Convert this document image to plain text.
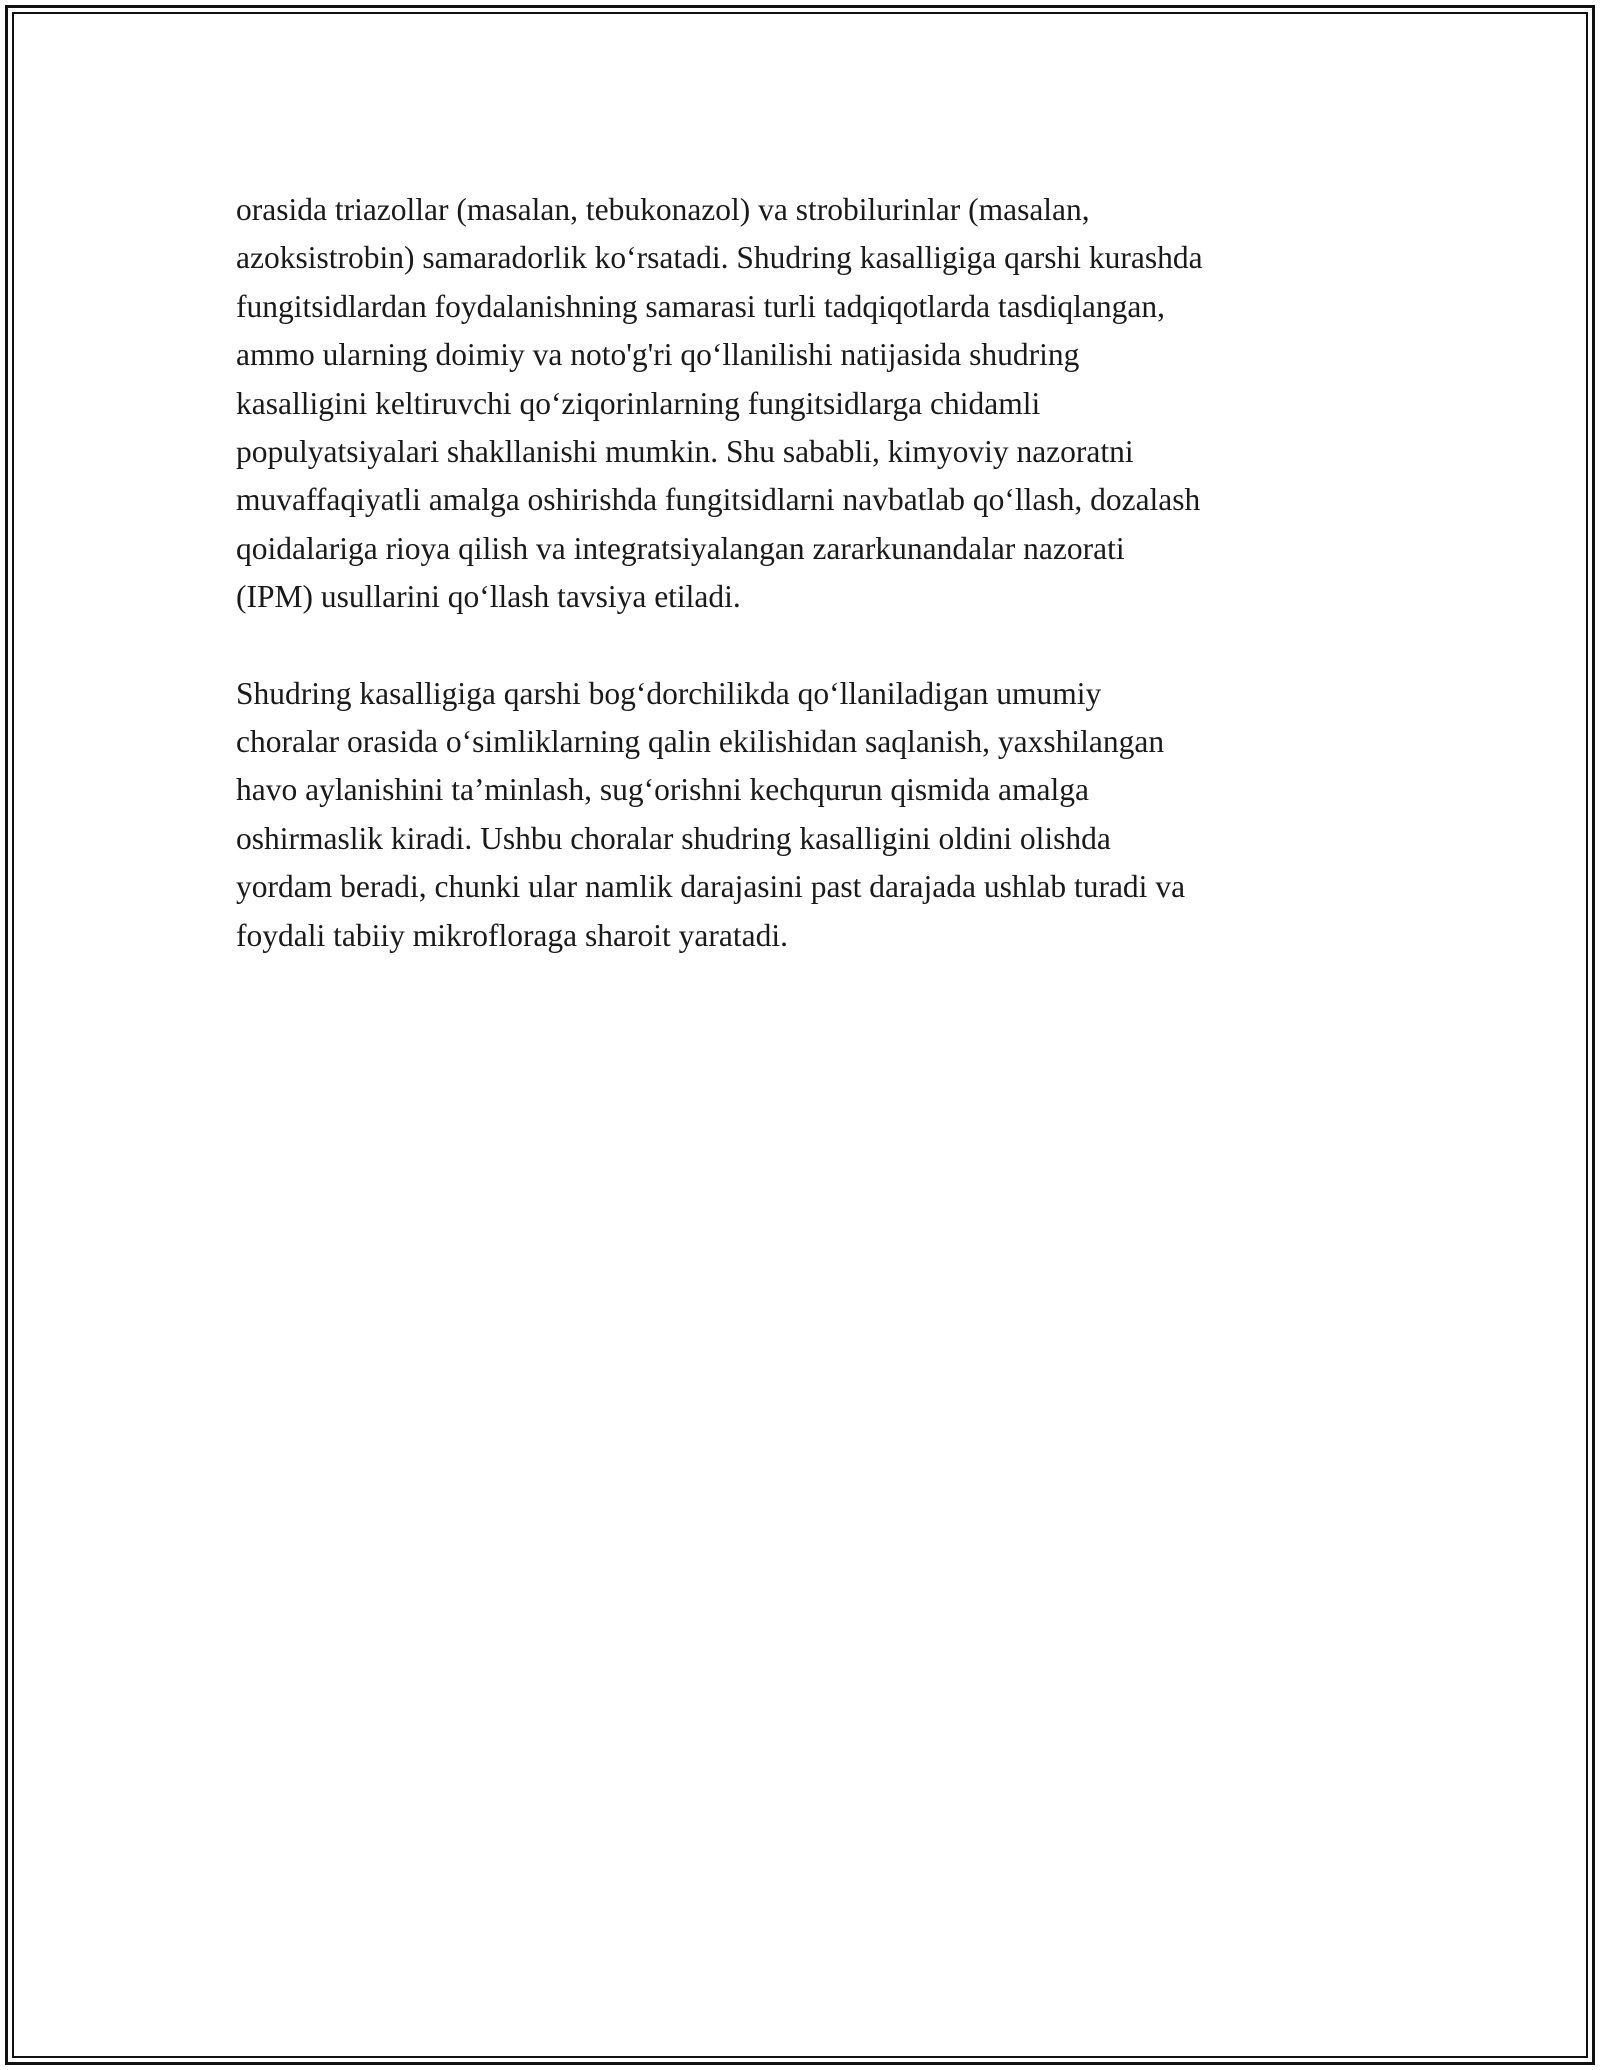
orasida triazollar (masalan, tebukonazol) va strobilurinlar (masalan,
azoksistrobin) samaradorlik ko‘rsatadi. Shudring kasalligiga qarshi kurashda
fungitsidlardan foydalanishning samarasi turli tadqiqotlarda tasdiqlangan,
ammo ularning doimiy va noto'g'ri qo‘llanilishi natijasida shudring
kasalligini keltiruvchi qo‘ziqorinlarning fungitsidlarga chidamli
populyatsiyalari shakllanishi mumkin. Shu sababli, kimyoviy nazoratni
muvaffaqiyatli amalga oshirishda fungitsidlarni navbatlab qo‘llash, dozalash
qoidalariga rioya qilish va integratsiyalangan zararkunandalar nazorati
(IPM) usullarini qo‘llash tavsiya etiladi.

Shudring kasalligiga qarshi bog‘dorchilikda qo‘llaniladigan umumiy
choralar orasida o‘simliklarning qalin ekilishidan saqlanish, yaxshilangan
havo aylanishini ta’minlash, sug‘orishni kechqurun qismida amalga
oshirmaslik kiradi. Ushbu choralar shudring kasalligini oldini olishda
yordam beradi, chunki ular namlik darajasini past darajada ushlab turadi va
foydali tabiiy mikrofloraga sharoit yaratadi.
